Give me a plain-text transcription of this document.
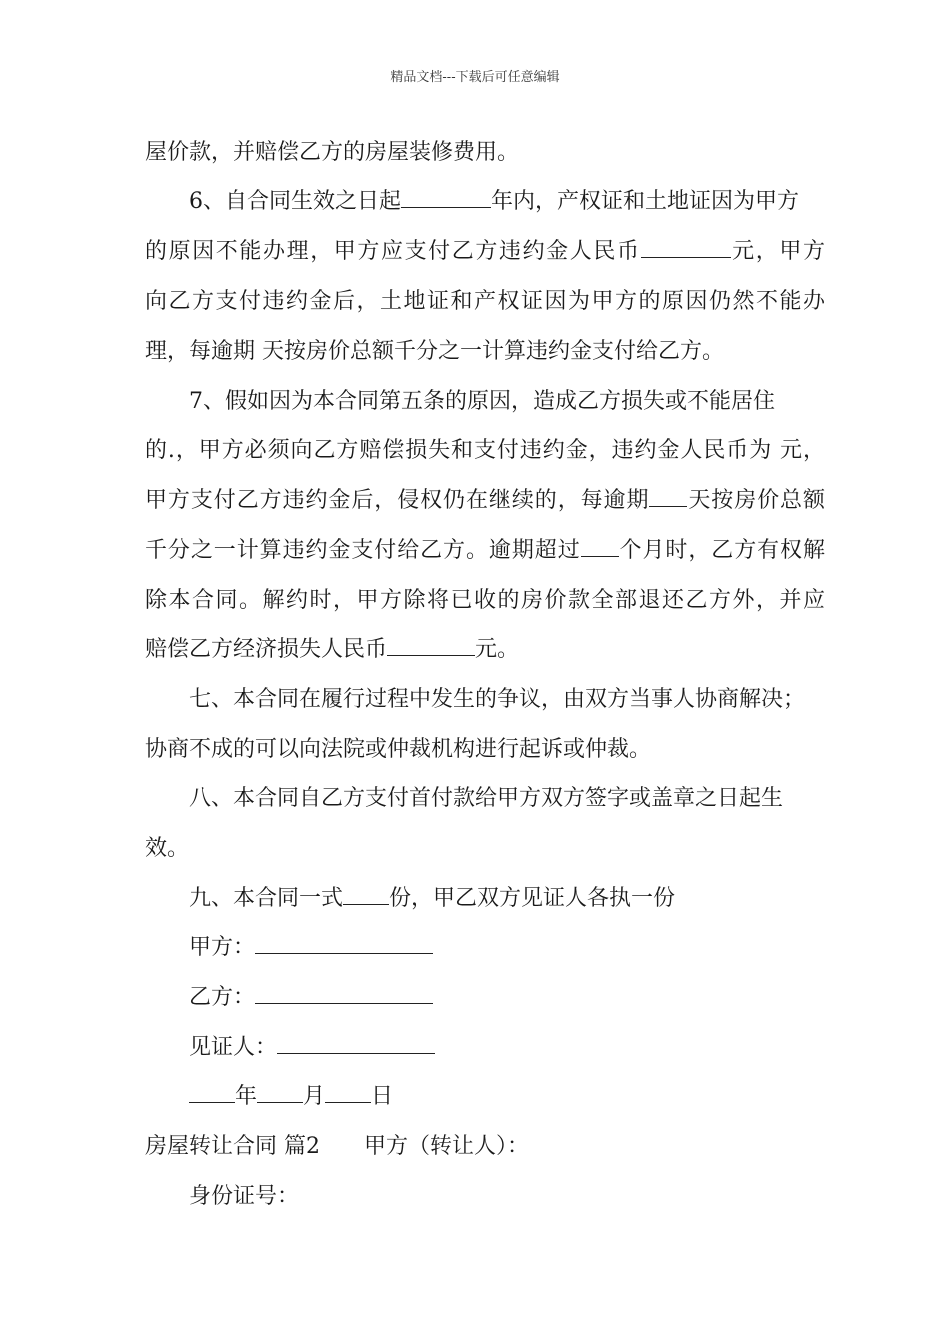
精品文档---下载后可任意编辑
屋价款，并赔偿乙方的房屋装修费用。
6、自合同生效之日起	年内，产权证和土地证因为甲方
的原因不能办理，甲方应支付乙方违约金人民币	元，甲方
向乙方支付违约金后，土地证和产权证因为甲方的原因仍然不能办
理，每逾期 天按房价总额千分之一计算违约金支付给乙方。
7、假如因为本合同第五条的原因，造成乙方损失或不能居住
的.，甲方必须向乙方赔偿损失和支付违约金，违约金人民币为 元，
甲方支付乙方违约金后，侵权仍在继续的，每逾期 天按房价总额
千分之一计算违约金支付给乙方。逾期超过 个月时，乙方有权解
除本合同。解约时，甲方除将已收的房价款全部退还乙方外，并应
赔偿乙方经济损失人民币	元。
七、本合同在履行过程中发生的争议，由双方当事人协商解决；
协商不成的可以向法院或仲裁机构进行起诉或仲裁。
八、本合同自乙方支付首付款给甲方双方签字或盖章之日起生
效。
九、本合同一式 份，甲乙双方见证人各执一份
甲方：
乙方：
见证人：
年 月 日
房屋转让合同 篇2　　甲方（转让人）：
身份证号：
